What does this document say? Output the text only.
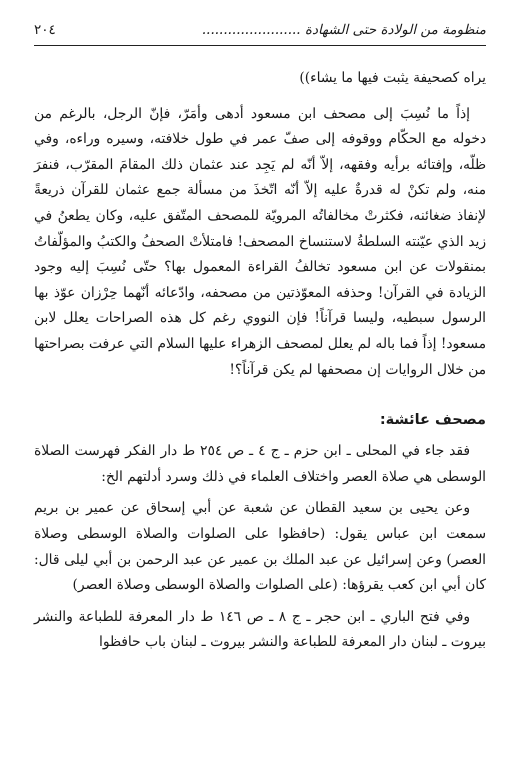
منظومة من الولادة حتى الشهادة .......................
٢٠٤

يراه كصحيفة يثبت فيها ما يشاء))

إذاً ما نُسِبَ إلى مصحف ابن مسعود أدهى وأمَرّ، فإنّ الرجل، بالرغم من دخوله مع الحكّام ووقوفه إلى صفّ عمر في طول خلافته، وسيره وراءه، وفي ظلّه، وإفتائه برأيه وفقهه، إلاّ أنّه لم يَجِد عند عثمان ذلك المقامَ المقرّب، فنفرَ منه، ولم تكنْ له قدرةٌ عليه إلاّ أنّه اتّخذَ من مسألة جمع عثمان للقرآن ذريعةً لإنفاذ ضغائنه، فكثرتْ مخالفاتُه المرويّة للمصحف المتّفق عليه، وكان يطعنُ في زيد الذي عيّنته السلطةُ لاستنساخ المصحف! فامتلأتْ الصحفُ والكتبُ والمؤلّفاتُ بمنقولات عن ابن مسعود تخالفُ القراءة المعمول بها؟ حتّى نُسِبَ إليه وجود الزيادة في القرآن! وحذفه المعوّذتين من مصحفه، وادّعائه أنّهما حِرْزان عوّذ بها الرسول سبطيه، وليسا قرآناً! فإن النووي رغم كل هذه الصراحات يعلل لابن مسعود! إذاً فما باله لم يعلل لمصحف الزهراء عليها السلام التي عرفت بصراحتها من خلال الروايات إن مصحفها لم يكن قرآناً؟!

مصحف عائشة:

فقد جاء في المحلى ـ ابن حزم ـ ج ٤ ـ ص ٢٥٤ ط دار الفكر فهرست الصلاة الوسطى هي صلاة العصر واختلاف العلماء في ذلك وسرد أدلتهم الخ:

وعن يحيى بن سعيد القطان عن شعبة عن أبي إسحاق عن عمير بن بريم سمعت ابن عباس يقول: (حافظوا على الصلوات والصلاة الوسطى وصلاة العصر) وعن إسرائيل عن عبد الملك بن عمير عن عبد الرحمن بن أبي ليلى قال: كان أبي ابن كعب يقرؤها: (على الصلوات والصلاة الوسطى وصلاة العصر)

وفي فتح الباري ـ ابن حجر ـ ج ٨ ـ ص ١٤٦ ط دار المعرفة للطباعة والنشر بيروت ـ لبنان دار المعرفة للطباعة والنشر بيروت ـ لبنان باب حافظوا
